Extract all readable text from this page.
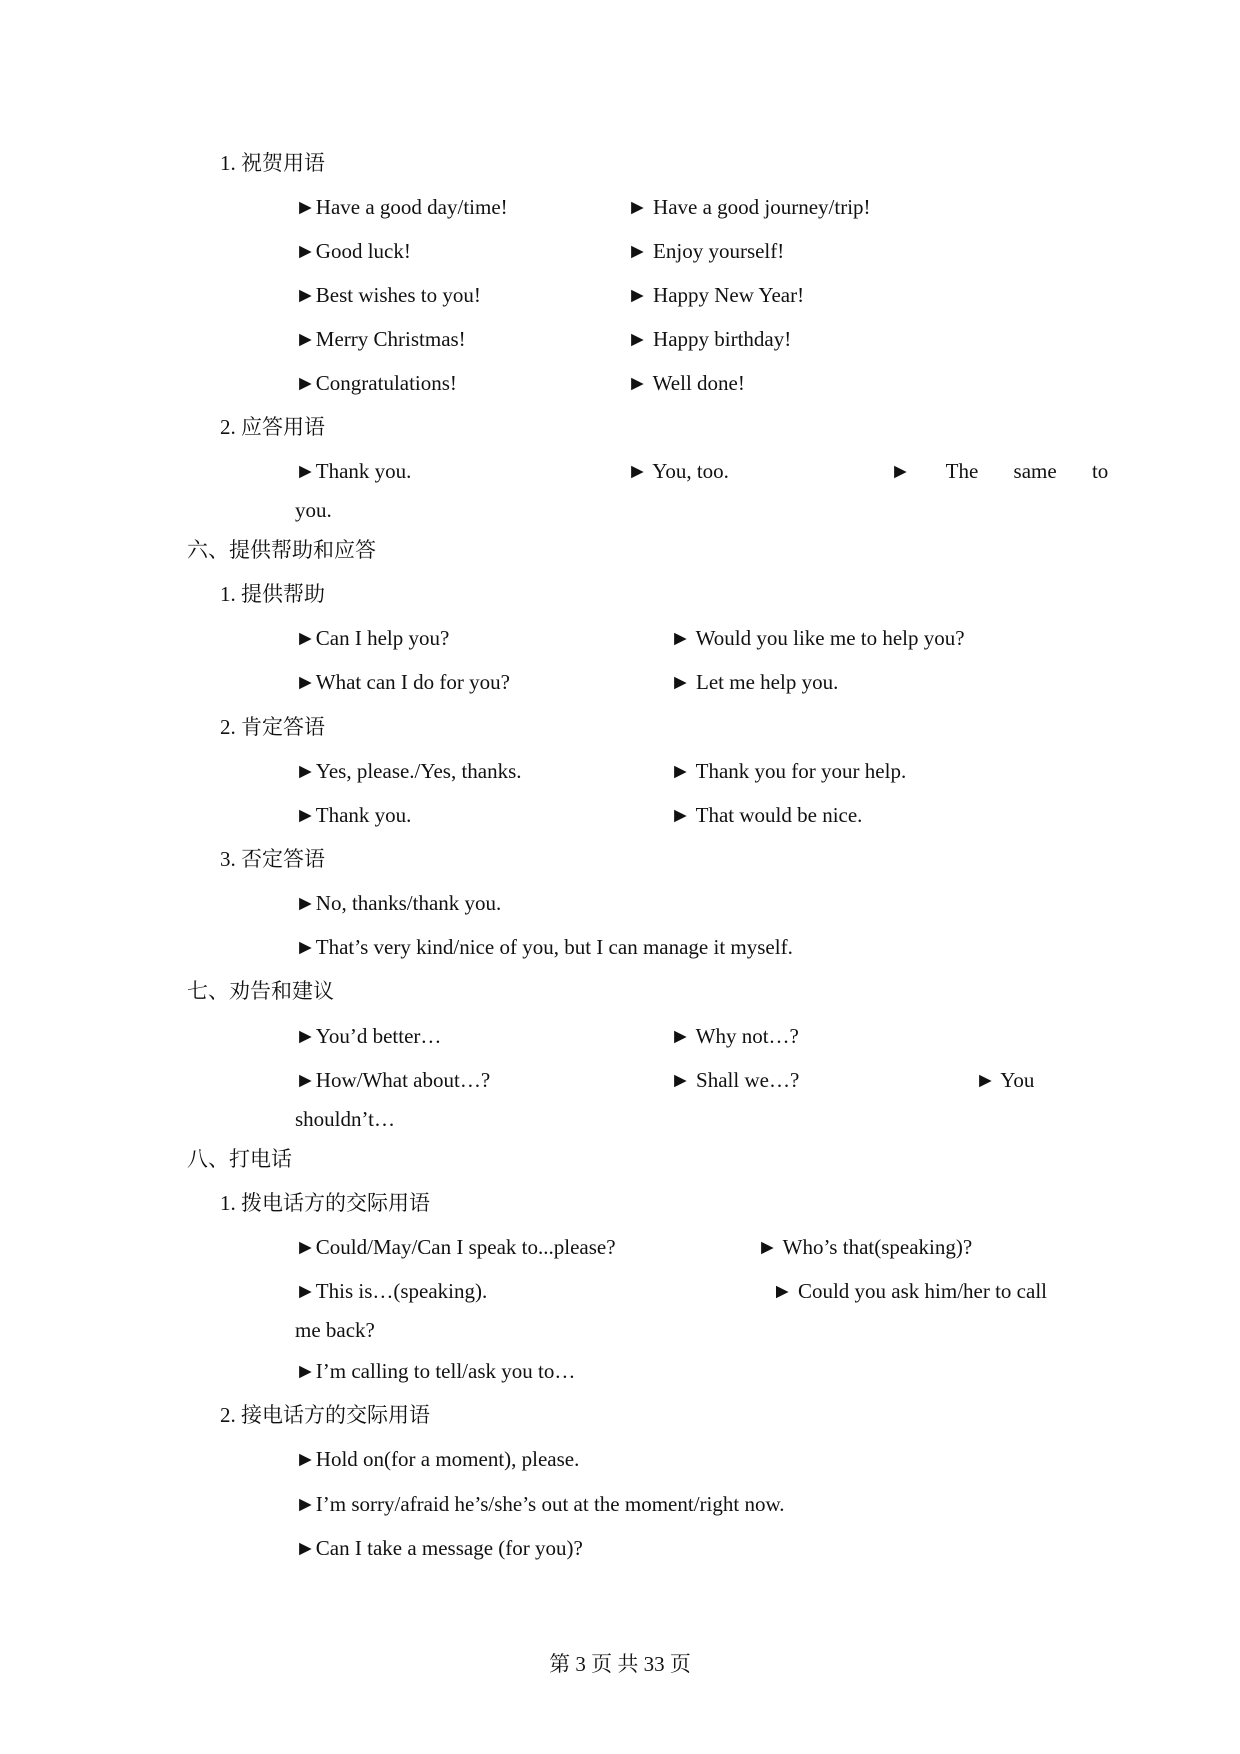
1. 祝贺用语
►Have a good day/time!	► Have a good journey/trip!
►Good luck!	► Enjoy yourself!
►Best wishes to you!	► Happy New Year!
►Merry Christmas!	► Happy birthday!
►Congratulations!	► Well done!
2. 应答用语
►Thank you.	► You, too.	► The same to
you.
六、提供帮助和应答
1. 提供帮助
►Can I help you?	► Would you like me to help you?
►What can I do for you?	► Let me help you.
2. 肯定答语
►Yes, please./Yes, thanks.	► Thank you for your help.
►Thank you.	► That would be nice.
3. 否定答语
►No, thanks/thank you.
►That’s very kind/nice of you, but I can manage it myself.
七、劝告和建议
►You’d better…	► Why not…?
►How/What about…?	► Shall we…?	► You
shouldn’t…
八、打电话
1. 拨电话方的交际用语
►Could/May/Can I speak to...please?	► Who’s that(speaking)?
►This is…(speaking).	► Could you ask him/her to call
me back?
►I’m calling to tell/ask you to…
2. 接电话方的交际用语
►Hold on(for a moment), please.
►I’m sorry/afraid he’s/she’s out at the moment/right now.
►Can I take a message (for you)?
第 3 页 共 33 页
